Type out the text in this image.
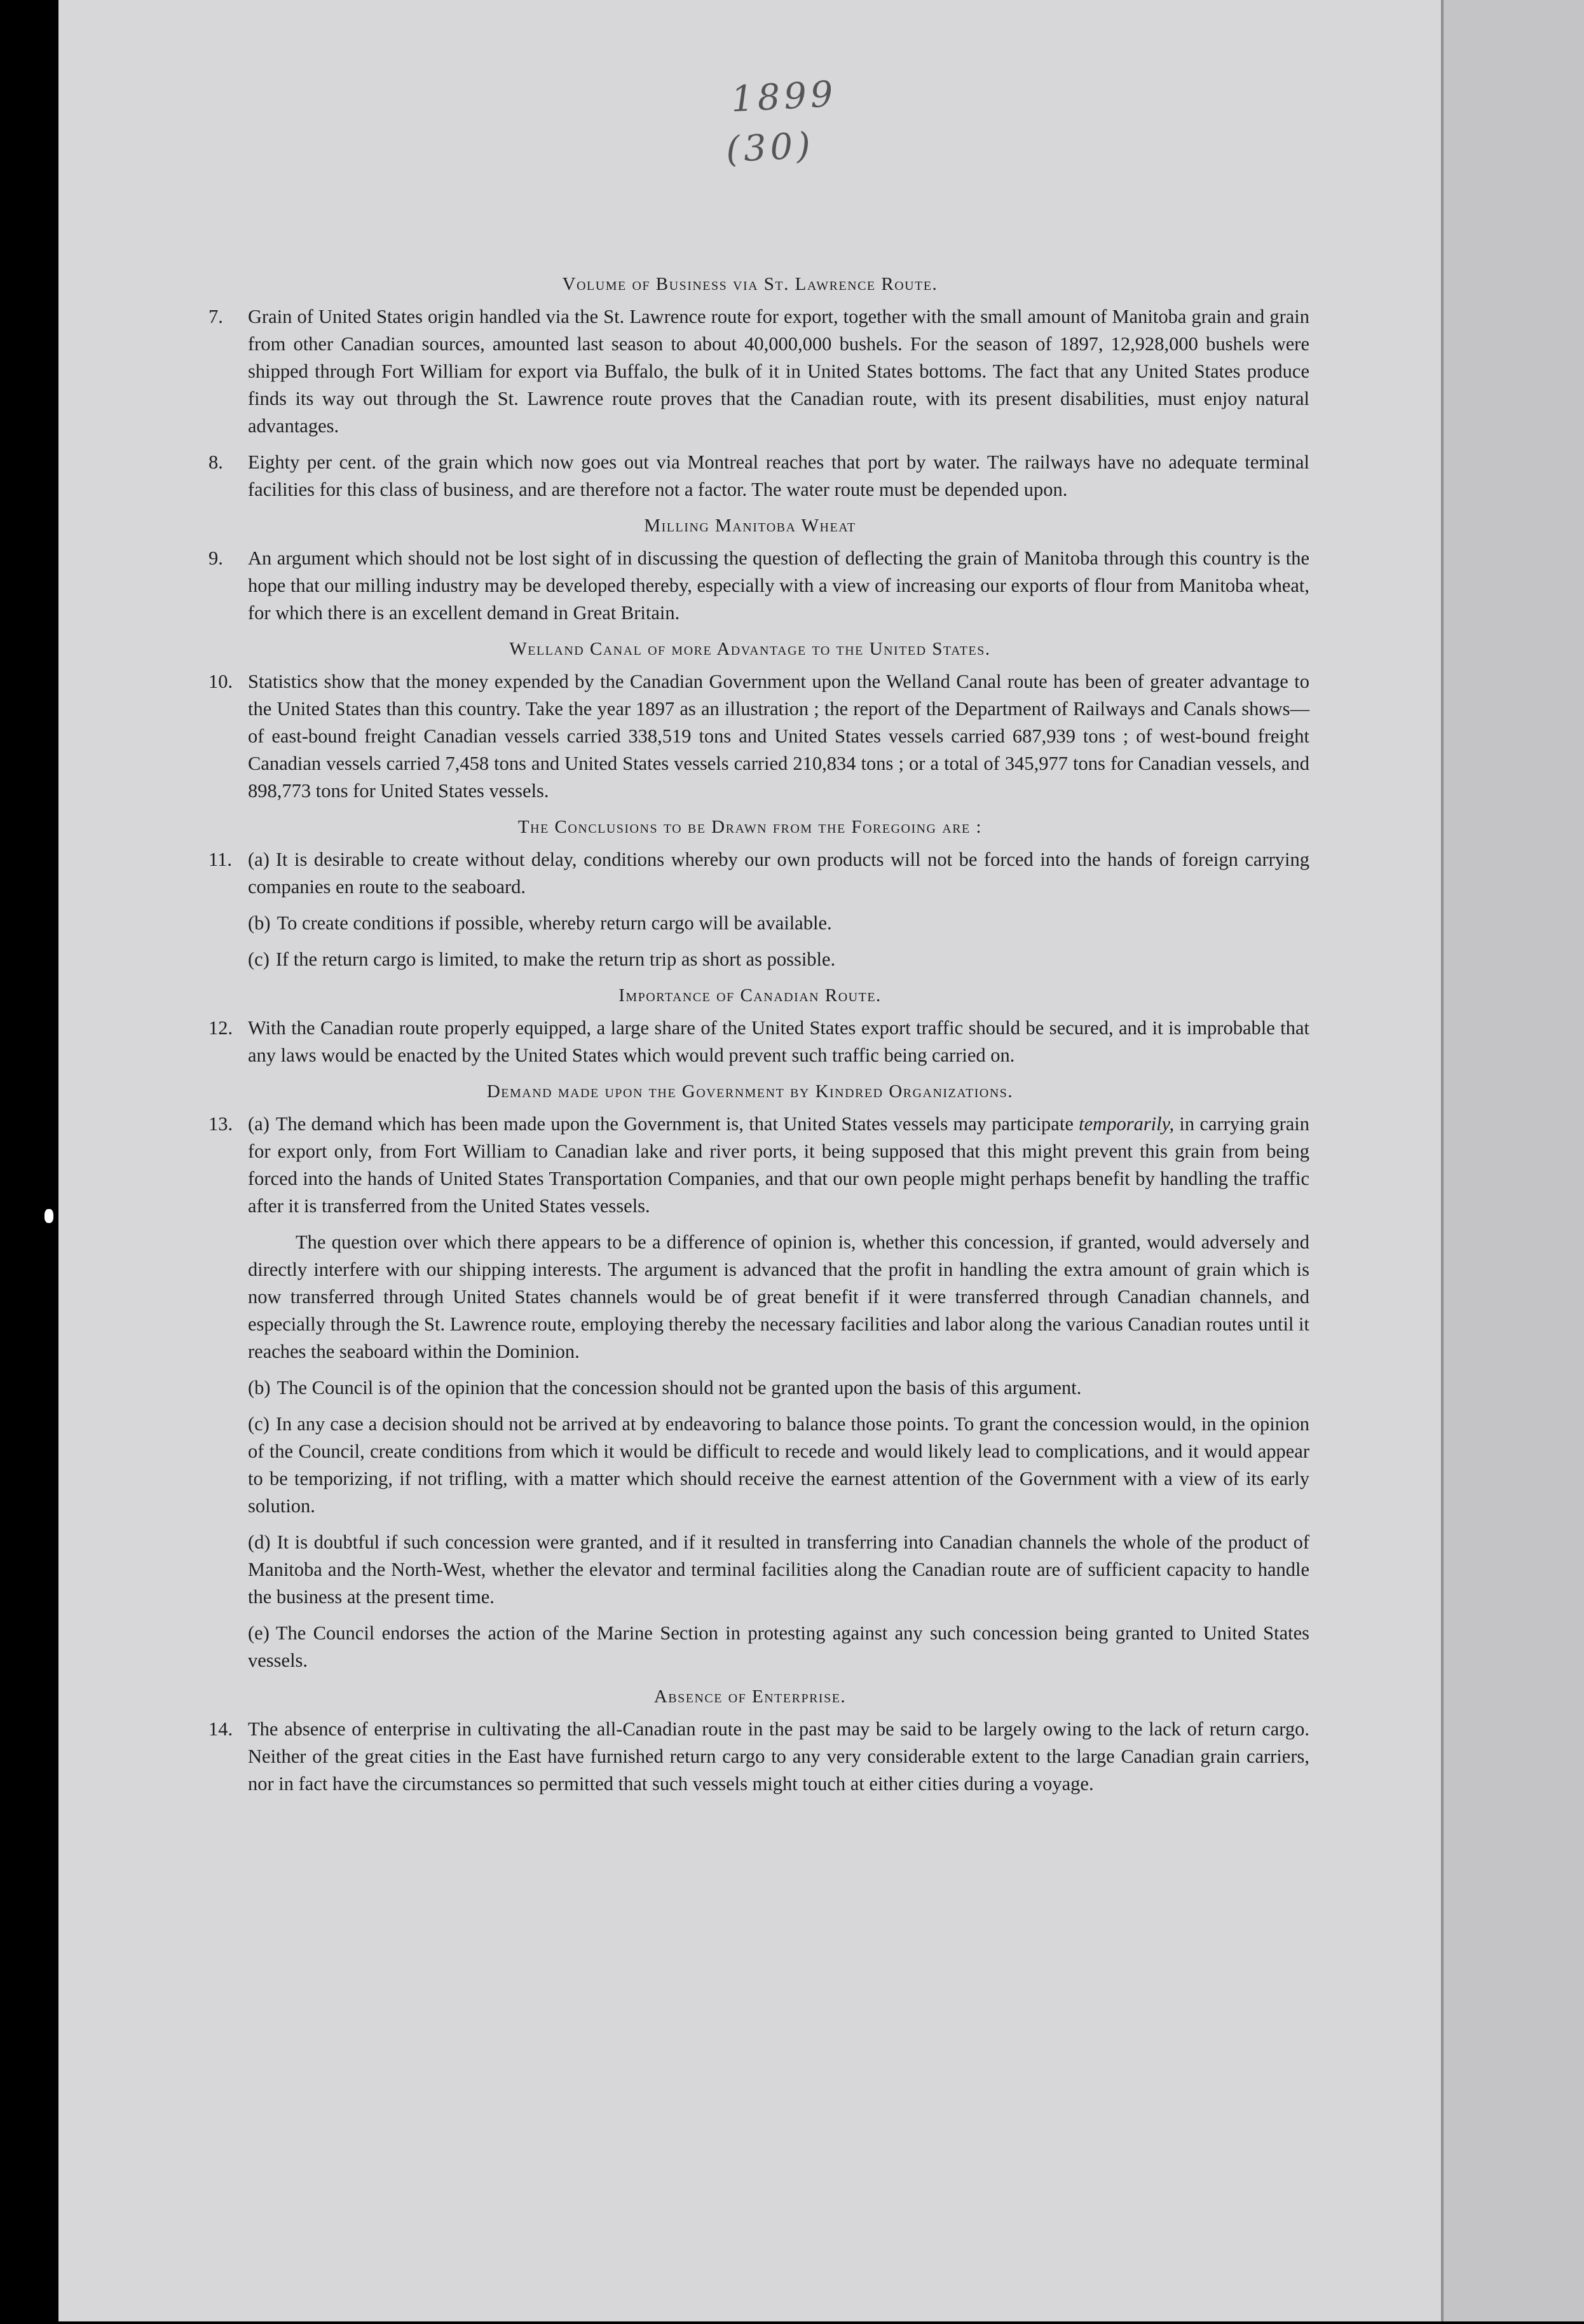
1899
(30)
Volume of Business via St. Lawrence Route.
7. Grain of United States origin handled via the St. Lawrence route for export, together with the small amount of Manitoba grain and grain from other Canadian sources, amounted last season to about 40,000,000 bushels. For the season of 1897, 12,928,000 bushels were shipped through Fort William for export via Buffalo, the bulk of it in United States bottoms. The fact that any United States produce finds its way out through the St. Lawrence route proves that the Canadian route, with its present disabilities, must enjoy natural advantages.
8. Eighty per cent. of the grain which now goes out via Montreal reaches that port by water. The railways have no adequate terminal facilities for this class of business, and are therefore not a factor. The water route must be depended upon.
Milling Manitoba Wheat
9. An argument which should not be lost sight of in discussing the question of deflecting the grain of Manitoba through this country is the hope that our milling industry may be developed thereby, especially with a view of increasing our exports of flour from Manitoba wheat, for which there is an excellent demand in Great Britain.
Welland Canal of more Advantage to the United States.
10. Statistics show that the money expended by the Canadian Government upon the Welland Canal route has been of greater advantage to the United States than this country. Take the year 1897 as an illustration ; the report of the Department of Railways and Canals shows—of east-bound freight Canadian vessels carried 338,519 tons and United States vessels carried 687,939 tons ; of west-bound freight Canadian vessels carried 7,458 tons and United States vessels carried 210,834 tons ; or a total of 345,977 tons for Canadian vessels, and 898,773 tons for United States vessels.
The Conclusions to be Drawn from the Foregoing are :
11. (a) It is desirable to create without delay, conditions whereby our own products will not be forced into the hands of foreign carrying companies en route to the seaboard.
(b) To create conditions if possible, whereby return cargo will be available.
(c) If the return cargo is limited, to make the return trip as short as possible.
Importance of Canadian Route.
12. With the Canadian route properly equipped, a large share of the United States export traffic should be secured, and it is improbable that any laws would be enacted by the United States which would prevent such traffic being carried on.
Demand made upon the Government by Kindred Organizations.
13. (a) The demand which has been made upon the Government is, that United States vessels may participate temporarily, in carrying grain for export only, from Fort William to Canadian lake and river ports, it being supposed that this might prevent this grain from being forced into the hands of United States Transportation Companies, and that our own people might perhaps benefit by handling the traffic after it is transferred from the United States vessels.
The question over which there appears to be a difference of opinion is, whether this concession, if granted, would adversely and directly interfere with our shipping interests. The argument is advanced that the profit in handling the extra amount of grain which is now transferred through United States channels would be of great benefit if it were transferred through Canadian channels, and especially through the St. Lawrence route, employing thereby the necessary facilities and labor along the various Canadian routes until it reaches the seaboard within the Dominion.
(b) The Council is of the opinion that the concession should not be granted upon the basis of this argument.
(c) In any case a decision should not be arrived at by endeavoring to balance those points. To grant the concession would, in the opinion of the Council, create conditions from which it would be difficult to recede and would likely lead to complications, and it would appear to be temporizing, if not trifling, with a matter which should receive the earnest attention of the Government with a view of its early solution.
(d) It is doubtful if such concession were granted, and if it resulted in transferring into Canadian channels the whole of the product of Manitoba and the North-West, whether the elevator and terminal facilities along the Canadian route are of sufficient capacity to handle the business at the present time.
(e) The Council endorses the action of the Marine Section in protesting against any such concession being granted to United States vessels.
Absence of Enterprise.
14. The absence of enterprise in cultivating the all-Canadian route in the past may be said to be largely owing to the lack of return cargo. Neither of the great cities in the East have furnished return cargo to any very considerable extent to the large Canadian grain carriers, nor in fact have the circumstances so permitted that such vessels might touch at either cities during a voyage.
